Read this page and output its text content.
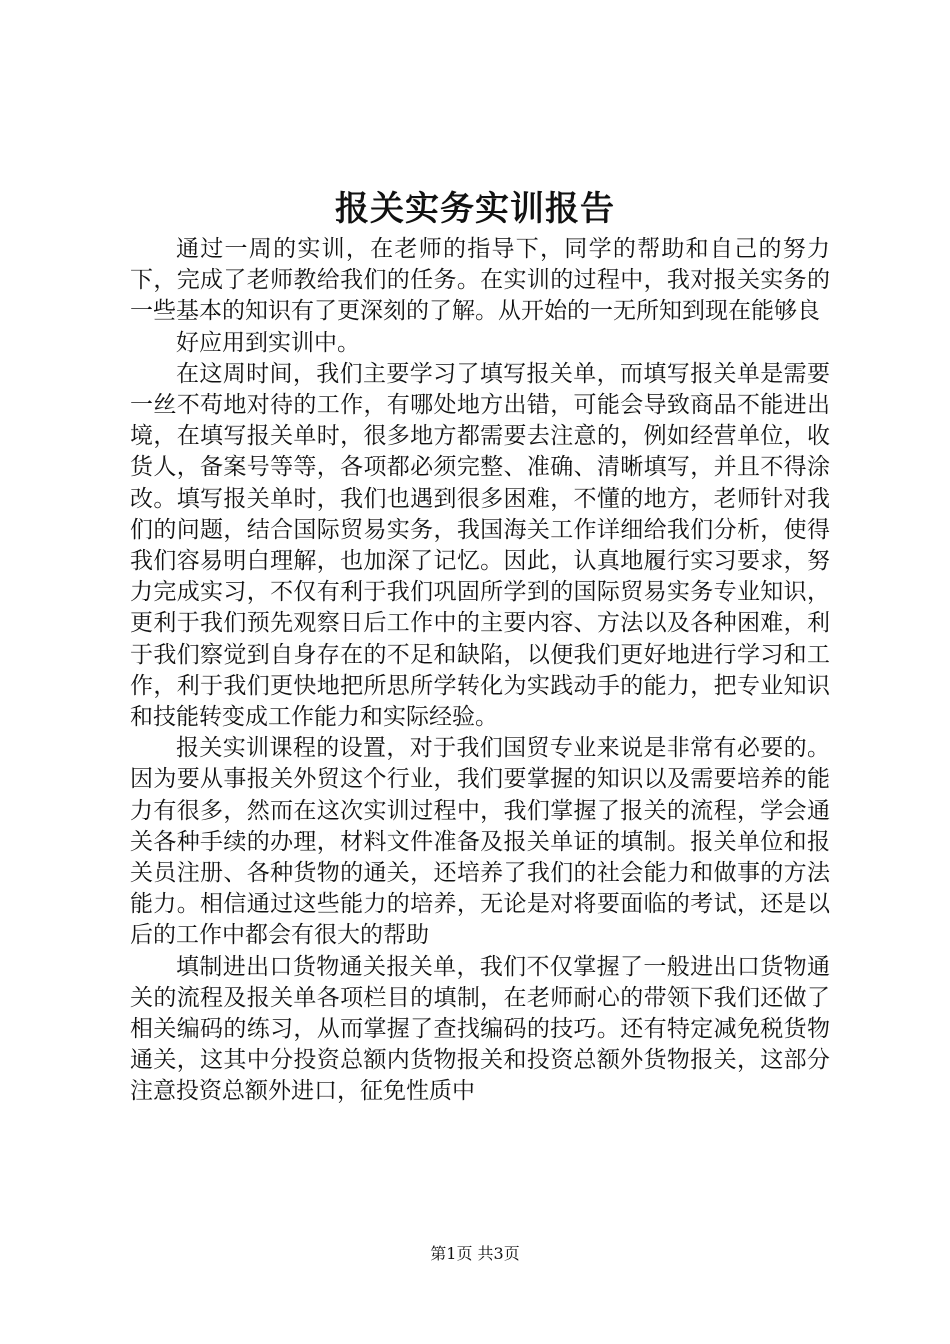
报关实务实训报告

通过一周的实训，在老师的指导下，同学的帮助和自己的努力下，完成了老师教给我们的任务。在实训的过程中，我对报关实务的一些基本的知识有了更深刻的了解。从开始的一无所知到现在能够良

好应用到实训中。

在这周时间，我们主要学习了填写报关单，而填写报关单是需要一丝不苟地对待的工作，有哪处地方出错，可能会导致商品不能进出境，在填写报关单时，很多地方都需要去注意的，例如经营单位，收货人，备案号等等，各项都必须完整、准确、清晰填写，并且不得涂改。填写报关单时，我们也遇到很多困难，不懂的地方，老师针对我们的问题，结合国际贸易实务，我国海关工作详细给我们分析，使得我们容易明白理解，也加深了记忆。因此，认真地履行实习要求，努力完成实习，不仅有利于我们巩固所学到的国际贸易实务专业知识，更利于我们预先观察日后工作中的主要内容、方法以及各种困难，利于我们察觉到自身存在的不足和缺陷，以便我们更好地进行学习和工作，利于我们更快地把所思所学转化为实践动手的能力，把专业知识和技能转变成工作能力和实际经验。

报关实训课程的设置，对于我们国贸专业来说是非常有必要的。因为要从事报关外贸这个行业，我们要掌握的知识以及需要培养的能力有很多，然而在这次实训过程中，我们掌握了报关的流程，学会通关各种手续的办理，材料文件准备及报关单证的填制。报关单位和报关员注册、各种货物的通关，还培养了我们的社会能力和做事的方法能力。相信通过这些能力的培养，无论是对将要面临的考试，还是以后的工作中都会有很大的帮助

填制进出口货物通关报关单，我们不仅掌握了一般进出口货物通关的流程及报关单各项栏目的填制，在老师耐心的带领下我们还做了相关编码的练习，从而掌握了查找编码的技巧。还有特定减免税货物通关，这其中分投资总额内货物报关和投资总额外货物报关，这部分注意投资总额外进口，征免性质中

第1页 共3页
